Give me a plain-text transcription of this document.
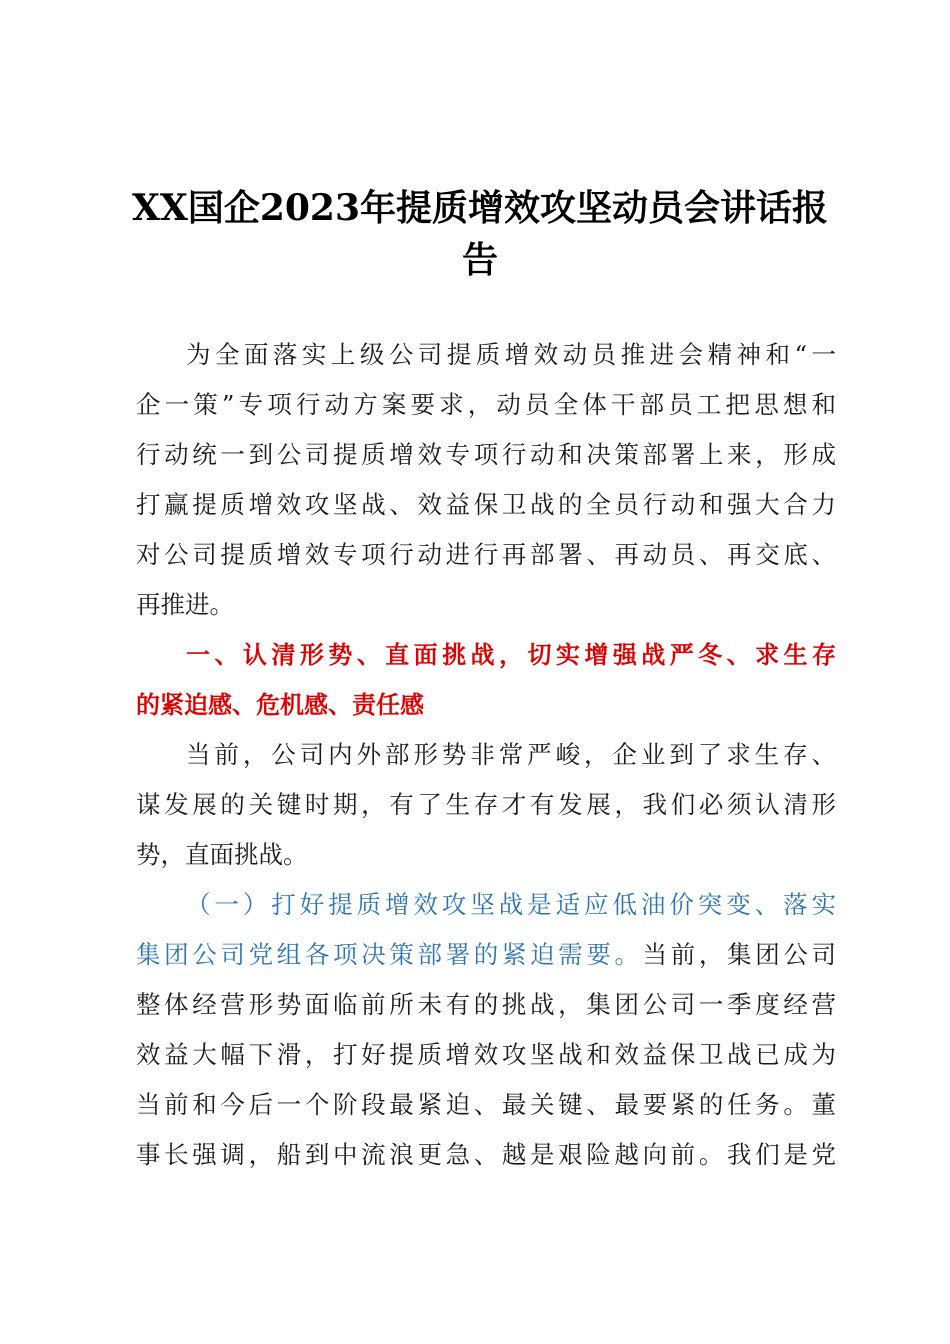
XX国企2023年提质增效攻坚动员会讲话报
告
为全面落实上级公司提质增效动员推进会精神和“一
企一策”专项行动方案要求，动员全体干部员工把思想和
行动统一到公司提质增效专项行动和决策部署上来，形成
打赢提质增效攻坚战、效益保卫战的全员行动和强大合力
对公司提质增效专项行动进行再部署、再动员、再交底、
再推进。
一、认清形势、直面挑战，切实增强战严冬、求生存
的紧迫感、危机感、责任感
当前，公司内外部形势非常严峻，企业到了求生存、
谋发展的关键时期，有了生存才有发展，我们必须认清形
势，直面挑战。
（一）打好提质增效攻坚战是适应低油价突变、落实
集团公司党组各项决策部署的紧迫需要。当前，集团公司
整体经营形势面临前所未有的挑战，集团公司一季度经营
效益大幅下滑，打好提质增效攻坚战和效益保卫战已成为
当前和今后一个阶段最紧迫、最关键、最要紧的任务。董
事长强调，船到中流浪更急、越是艰险越向前。我们是党
